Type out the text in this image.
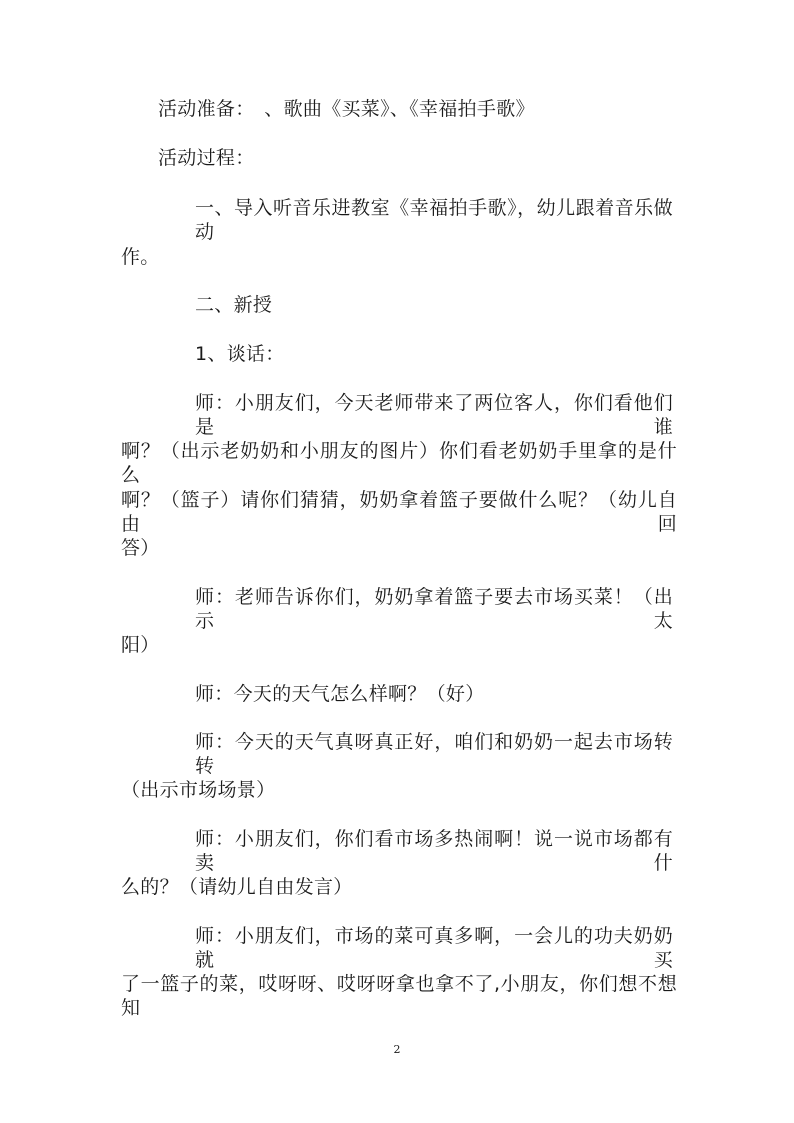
活动准备：　、歌曲《买菜》、《幸福拍手歌》
活动过程：
一、导入听音乐进教室《幸福拍手歌》，幼儿跟着音乐做动
作。
二、新授
1、谈话：
师：小朋友们，今天老师带来了两位客人，你们看他们是谁
啊？（出示老奶奶和小朋友的图片）你们看老奶奶手里拿的是什么
啊？（篮子）请你们猜猜，奶奶拿着篮子要做什么呢？（幼儿自由回
答）
师：老师告诉你们，奶奶拿着篮子要去市场买菜！（出示太
阳）
师：今天的天气怎么样啊？（好）
师：今天的天气真呀真正好，咱们和奶奶一起去市场转转
（出示市场场景）
师：小朋友们，你们看市场多热闹啊！说一说市场都有卖什
么的？（请幼儿自由发言）
师：小朋友们，市场的菜可真多啊，一会儿的功夫奶奶就买
了一篮子的菜，哎呀呀、哎呀呀拿也拿不了,小朋友，你们想不想知
2
